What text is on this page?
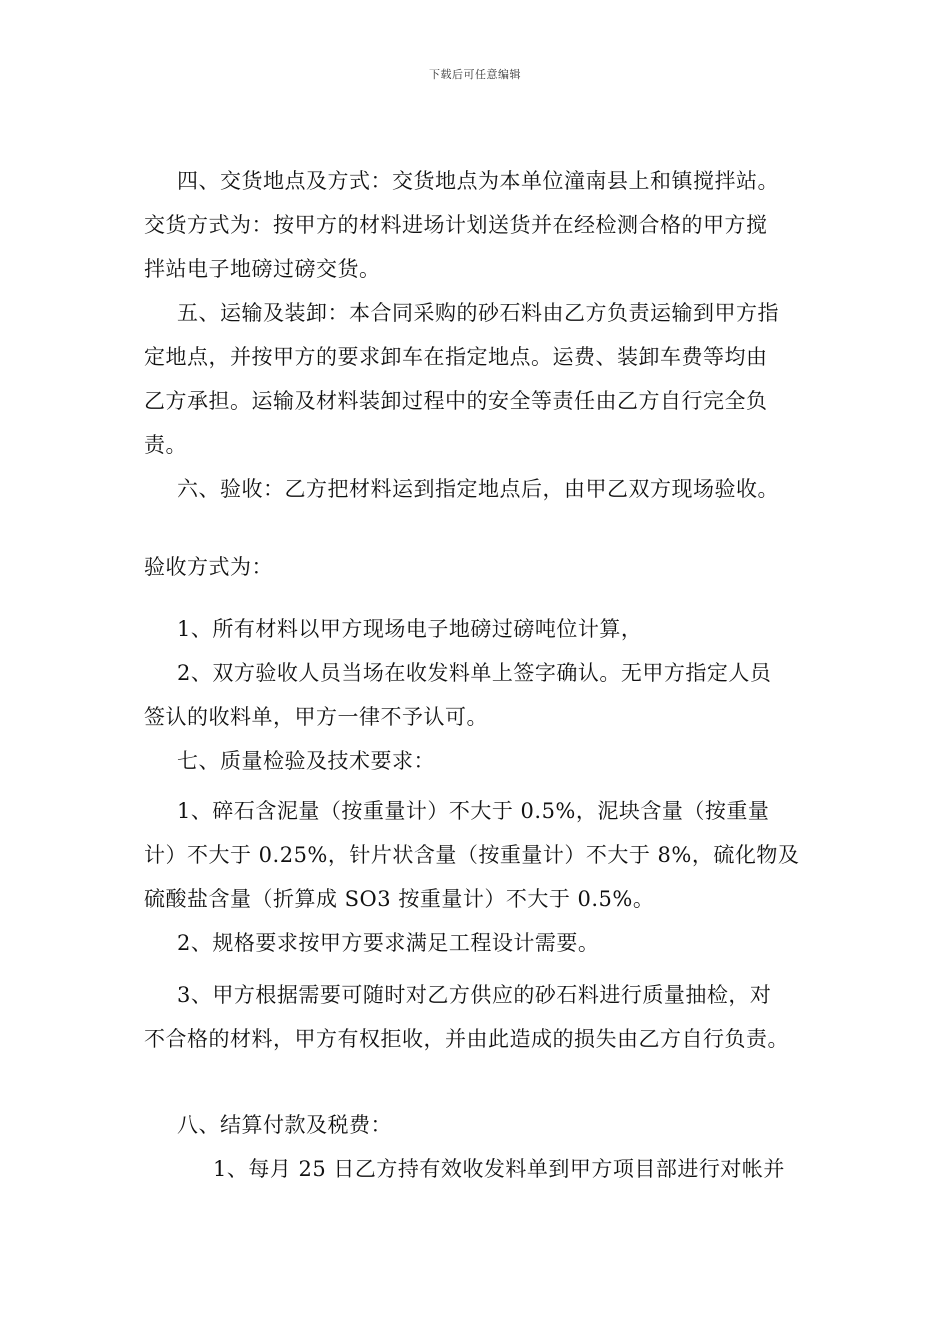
下载后可任意编辑
四、交货地点及方式：交货地点为本单位潼南县上和镇搅拌站。
交货方式为：按甲方的材料进场计划送货并在经检测合格的甲方搅
拌站电子地磅过磅交货。
五、运输及装卸：本合同采购的砂石料由乙方负责运输到甲方指
定地点，并按甲方的要求卸车在指定地点。运费、装卸车费等均由
乙方承担。运输及材料装卸过程中的安全等责任由乙方自行完全负
责。
六、验收：乙方把材料运到指定地点后，由甲乙双方现场验收。
验收方式为：
1、所有材料以甲方现场电子地磅过磅吨位计算，
2、双方验收人员当场在收发料单上签字确认。无甲方指定人员
签认的收料单，甲方一律不予认可。
七、质量检验及技术要求：
1、碎石含泥量（按重量计）不大于 0.5%，泥块含量（按重量
计）不大于 0.25%，针片状含量（按重量计）不大于 8%，硫化物及
硫酸盐含量（折算成 SO3 按重量计）不大于 0.5%。
2、规格要求按甲方要求满足工程设计需要。
3、甲方根据需要可随时对乙方供应的砂石料进行质量抽检，对
不合格的材料，甲方有权拒收，并由此造成的损失由乙方自行负责。
八、结算付款及税费：
1、每月 25 日乙方持有效收发料单到甲方项目部进行对帐并
